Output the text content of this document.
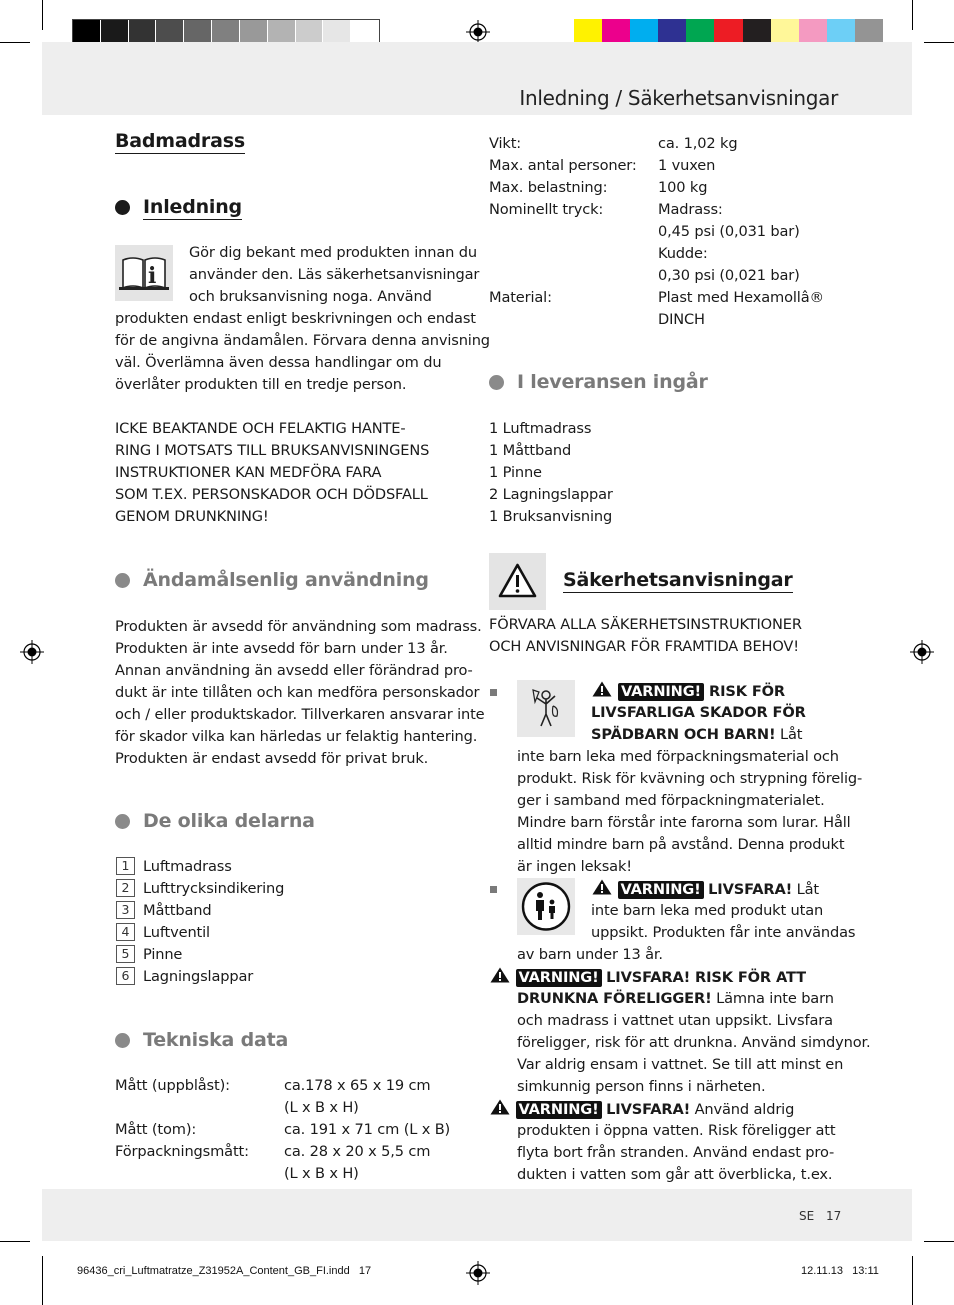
Inledning / Säkerhetsanvisningar
Badmadrass
Inledning
i
Gör dig bekant med produkten innan du
använder den. Läs säkerhetsanvisningar
och bruksanvisning noga. Använd
produkten endast enligt beskrivningen och endast
för de angivna ändamålen. Förvara denna anvisning
väl. Överlämna även dessa handlingar om du
överlåter produkten till en tredje person.
ICKE BEAKTANDE OCH FELAKTIG HANTE-
RING I MOTSATS TILL BRUKSANVISNINGENS
INSTRUKTIONER KAN MEDFÖRA FARA
SOM T.EX. PERSONSKADOR OCH DÖDSFALL
GENOM DRUNKNING!
Ändamålsenlig användning
Produkten är avsedd för användning som madrass.
Produkten är inte avsedd för barn under 13 år.
Annan användning än avsedd eller förändrad pro-
dukt är inte tillåten och kan medföra personskador
och / eller produktskador. Tillverkaren ansvarar inte
för skador vilka kan härledas ur felaktig hantering.
Produkten är endast avsedd för privat bruk.
De olika delarna
1 Luftmadrass
2 Lufttrycksindikering
3 Måttband
4 Luftventil
5 Pinne
6 Lagningslappar
Tekniska data
Mått (uppblåst):	ca.178 x 65 x 19 cm
(L x B x H)
Mått (tom):	ca. 191 x 71 cm (L x B)
Förpackningsmått: ca. 28 x 20 x 5,5 cm
(L x B x H)
Vikt:	ca. 1,02 kg
Max. antal personer: 1 vuxen
Max. belastning:	100 kg
Nominellt tryck:	Madrass:
0,45 psi (0,031 bar)
Kudde:
0,30 psi (0,021 bar)
Material:	Plast med Hexamollâ®
DINCH
I leveransen ingår
1 Luftmadrass
1 Måttband
1 Pinne
2 Lagningslappar
1 Bruksanvisning
Säkerhetsanvisningar
FÖRVARA ALLA SÄKERHETSINSTRUKTIONER
OCH ANVISNINGAR FÖR FRAMTIDA BEHOV!
VARNING! RISK FÖR
LIVSFARLIGA SKADOR FÖR
SPÄDBARN OCH BARN! Låt
inte barn leka med förpackningsmaterial och
produkt. Risk för kvävning och strypning förelig-
ger i samband med förpackningmaterialet.
Mindre barn förstår inte farorna som lurar. Håll
alltid mindre barn på avstånd. Denna produkt
är ingen leksak!
VARNING! LIVSFARA! Låt
inte barn leka med produkt utan
uppsikt. Produkten får inte användas
av barn under 13 år.
VARNING! LIVSFARA! RISK FÖR ATT
DRUNKNA FÖRELIGGER! Lämna inte barn
och madrass i vattnet utan uppsikt. Livsfara
föreligger, risk för att drunkna. Använd simdynor.
Var aldrig ensam i vattnet. Se till att minst en
simkunnig person finns i närheten.
VARNING! LIVSFARA! Använd aldrig
produkten i öppna vatten. Risk föreligger att
flyta bort från stranden. Använd endast pro-
dukten i vatten som går att överblicka, t.ex.
SE 17
96436_cri_Luftmatratze_Z31952A_Content_GB_FI.indd   17	12.11.13   13:11
